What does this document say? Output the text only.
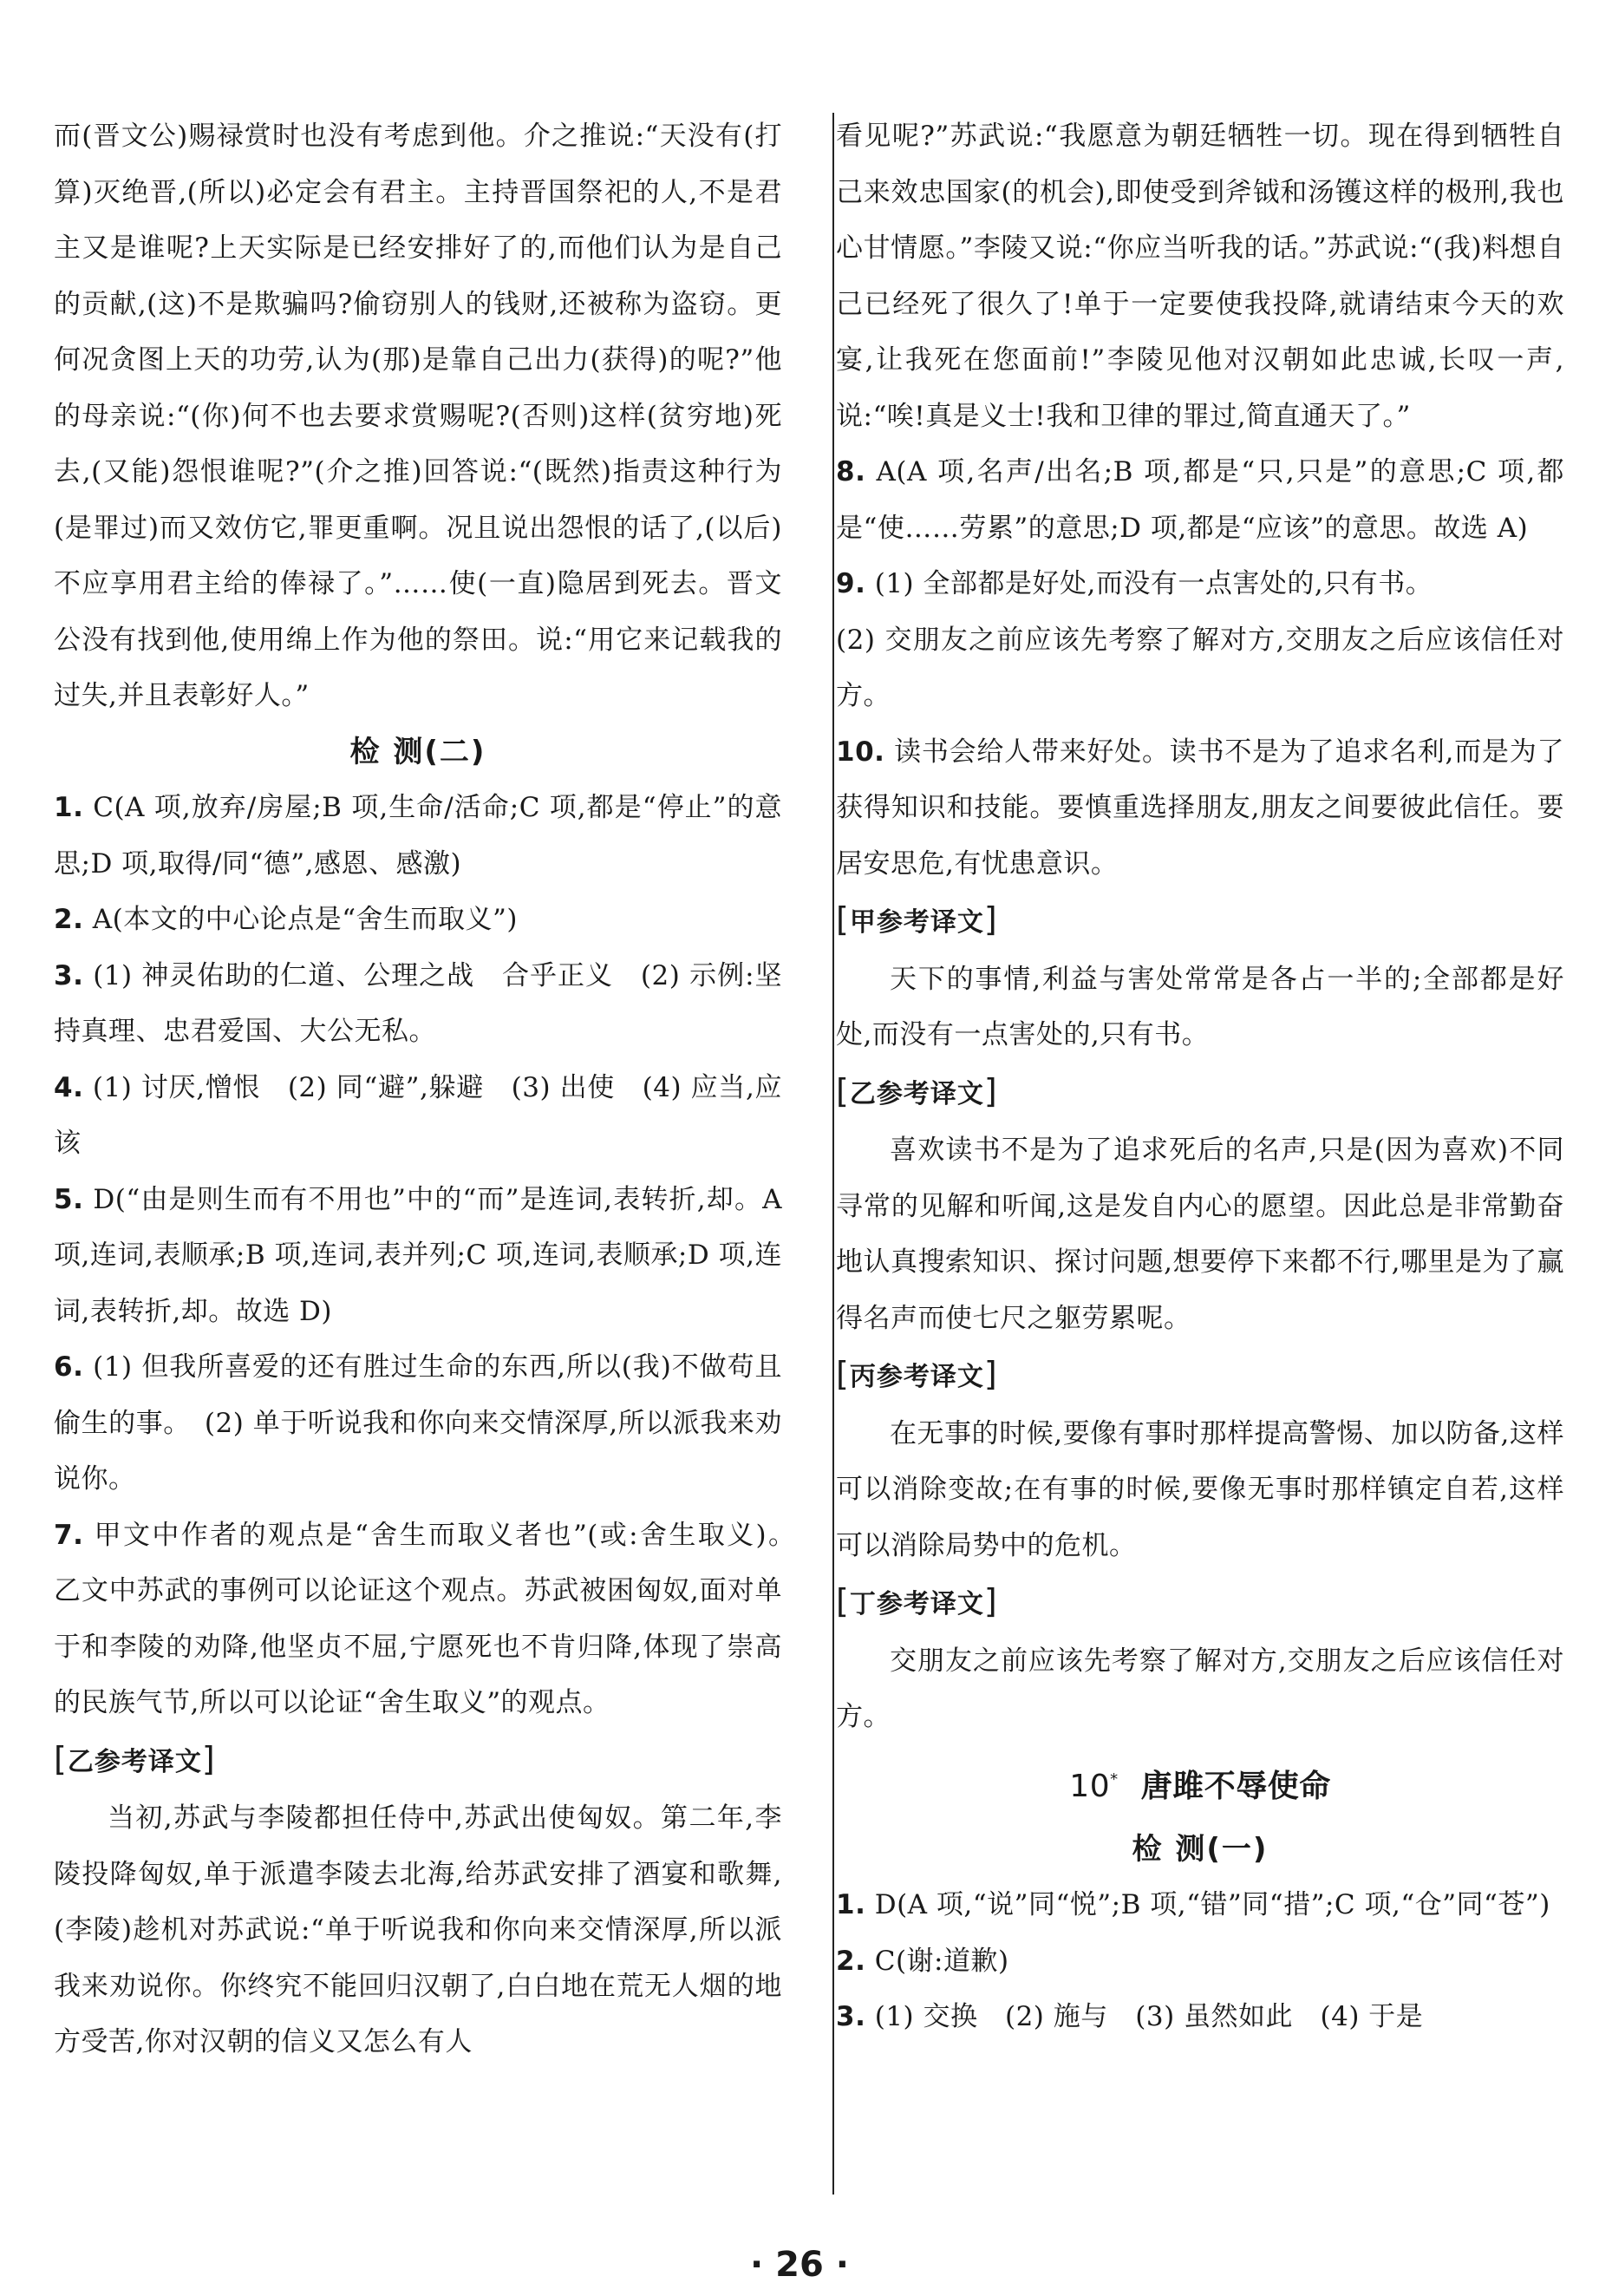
而(晋文公)赐禄赏时也没有考虑到他。介之推说:“天没有(打算)灭绝晋,(所以)必定会有君主。主持晋国祭祀的人,不是君主又是谁呢?上天实际是已经安排好了的,而他们认为是自己的贡献,(这)不是欺骗吗?偷窃别人的钱财,还被称为盗窃。更何况贪图上天的功劳,认为(那)是靠自己出力(获得)的呢?”他的母亲说:“(你)何不也去要求赏赐呢?(否则)这样(贫穷地)死去,(又能)怨恨谁呢?”(介之推)回答说:“(既然)指责这种行为(是罪过)而又效仿它,罪更重啊。况且说出怨恨的话了,(以后)不应享用君主给的俸禄了。”……使(一直)隐居到死去。晋文公没有找到他,使用绵上作为他的祭田。说:“用它来记载我的过失,并且表彰好人。”

检 测(二)

1. C(A 项,放弃/房屋;B 项,生命/活命;C 项,都是“停止”的意思;D 项,取得/同“德”,感恩、感激)

2. A(本文的中心论点是“舍生而取义”)

3. (1) 神灵佑助的仁道、公理之战　合乎正义　(2) 示例:坚持真理、忠君爱国、大公无私。

4. (1) 讨厌,憎恨　(2) 同“避”,躲避　(3) 出使　(4) 应当,应该

5. D(“由是则生而有不用也”中的“而”是连词,表转折,却。A 项,连词,表顺承;B 项,连词,表并列;C 项,连词,表顺承;D 项,连词,表转折,却。故选 D)

6. (1) 但我所喜爱的还有胜过生命的东西,所以(我)不做苟且偷生的事。　(2) 单于听说我和你向来交情深厚,所以派我来劝说你。

7. 甲文中作者的观点是“舍生而取义者也”(或:舍生取义)。　乙文中苏武的事例可以论证这个观点。苏武被困匈奴,面对单于和李陵的劝降,他坚贞不屈,宁愿死也不肯归降,体现了崇高的民族气节,所以可以论证“舍生取义”的观点。

[乙参考译文]

当初,苏武与李陵都担任侍中,苏武出使匈奴。第二年,李陵投降匈奴,单于派遣李陵去北海,给苏武安排了酒宴和歌舞,(李陵)趁机对苏武说:“单于听说我和你向来交情深厚,所以派我来劝说你。你终究不能回归汉朝了,白白地在荒无人烟的地方受苦,你对汉朝的信义又怎么有人

看见呢?”苏武说:“我愿意为朝廷牺牲一切。现在得到牺牲自己来效忠国家(的机会),即使受到斧钺和汤镬这样的极刑,我也心甘情愿。”李陵又说:“你应当听我的话。”苏武说:“(我)料想自己已经死了很久了!单于一定要使我投降,就请结束今天的欢宴,让我死在您面前!”李陵见他对汉朝如此忠诚,长叹一声,说:“唉!真是义士!我和卫律的罪过,简直通天了。”

8. A(A 项,名声/出名;B 项,都是“只,只是”的意思;C 项,都是“使……劳累”的意思;D 项,都是“应该”的意思。故选 A)

9. (1) 全部都是好处,而没有一点害处的,只有书。

(2) 交朋友之前应该先考察了解对方,交朋友之后应该信任对方。

10. 读书会给人带来好处。读书不是为了追求名利,而是为了获得知识和技能。要慎重选择朋友,朋友之间要彼此信任。要居安思危,有忧患意识。

[甲参考译文]

天下的事情,利益与害处常常是各占一半的;全部都是好处,而没有一点害处的,只有书。

[乙参考译文]

喜欢读书不是为了追求死后的名声,只是(因为喜欢)不同寻常的见解和听闻,这是发自内心的愿望。因此总是非常勤奋地认真搜索知识、探讨问题,想要停下来都不行,哪里是为了赢得名声而使七尺之躯劳累呢。

[丙参考译文]

在无事的时候,要像有事时那样提高警惕、加以防备,这样可以消除变故;在有事的时候,要像无事时那样镇定自若,这样可以消除局势中的危机。

[丁参考译文]

交朋友之前应该先考察了解对方,交朋友之后应该信任对方。

10* 唐雎不辱使命
检 测(一)

1. D(A 项,“说”同“悦”;B 项,“错”同“措”;C 项,“仓”同“苍”)

2. C(谢:道歉)

3. (1) 交换　(2) 施与　(3) 虽然如此　(4) 于是

· 26 ·
